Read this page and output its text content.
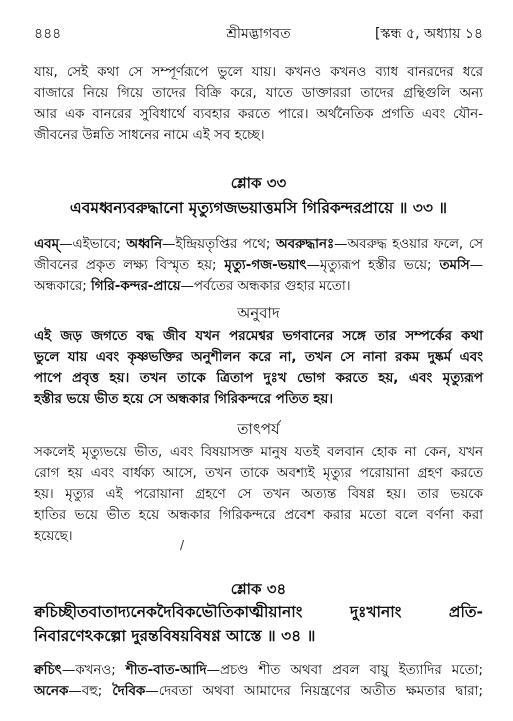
৪৪৪	শ্রীমদ্ভাগবত	[স্কন্ধ ৫, অধ্যায় ১৪
যায়, সেই কথা সে সম্পূর্ণরূপে ভুলে যায়। কখনও কখনও ব্যাধ বানরদের ধরে
বাজারে নিয়ে গিয়ে তাদের বিক্রি করে, যাতে ডাক্তাররা তাদের গ্রন্থিগুলি অন্য
আর এক বানরের সুবিধার্থে ব্যবহার করতে পারে। অর্থনৈতিক প্রগতি এবং যৌন-
জীবনের উন্নতি সাধনের নামে এই সব হচ্ছে।
শ্লোক ৩৩
এবমধ্বন্যবরুদ্ধানো মৃত্যুগজভয়াত্তমসি গিরিকন্দরপ্রায়ে ॥ ৩৩ ॥
এবম্—এইভাবে; অধ্বনি—ইন্দ্রিয়তৃপ্তির পথে; অবরুদ্ধানঃ—অবরুদ্ধ হওয়ার ফলে, সে জীবনের প্রকৃত লক্ষ্য বিস্মৃত হয়; মৃত্যু-গজ-ভয়াৎ—মৃত্যুরূপ হস্তীর ভয়ে; তমসি—অন্ধকারে; গিরি-কন্দর-প্রায়ে—পর্বতের অন্ধকার গুহার মতো।
অনুবাদ
এই জড় জগতে বদ্ধ জীব যখন পরমেশ্বর ভগবানের সঙ্গে তার সম্পর্কের কথা
ভুলে যায় এবং কৃষ্ণভক্তির অনুশীলন করে না, তখন সে নানা রকম দুষ্কর্ম এবং
পাপে প্রবৃত্ত হয়। তখন তাকে ত্রিতাপ দুঃখ ভোগ করতে হয়, এবং মৃত্যুরূপ
হস্তীর ভয়ে ভীত হয়ে সে অন্ধকার গিরিকন্দরে পতিত হয়।
তাৎপর্য
সকলেই মৃত্যুভয়ে ভীত, এবং বিষয়াসক্ত মানুষ যতই বলবান হোক না কেন, যখন
রোগ হয় এবং বার্ধক্য আসে, তখন তাকে অবশ্যই মৃত্যুর পরোয়ানা গ্রহণ করতে
হয়। মৃত্যুর এই পরোয়ানা গ্রহণে সে তখন অত্যন্ত বিষণ্ণ হয়। তার ভয়কে
হাতির ভয়ে ভীত হয়ে অন্ধকার গিরিকন্দরে প্রবেশ করার মতো বলে বর্ণনা করা
হয়েছে।
/
শ্লোক ৩৪
ক্বচিচ্ছীতবাতাদ্যনেকদৈবিকভৌতিকাত্মীয়ানাং দুঃখানাং প্রতি-
নিবারণেঽকল্পো দুরন্তবিষয়বিষণ্ণ আস্তে ॥ ৩৪ ॥
ক্বচিৎ—কখনও; শীত-বাত-আদি—প্রচণ্ড শীত অথবা প্রবল বায়ু ইত্যাদির মতো;
অনেক—বহু; দৈবিক—দেবতা অথবা আমাদের নিয়ন্ত্রণের অতীত ক্ষমতার দ্বারা;
